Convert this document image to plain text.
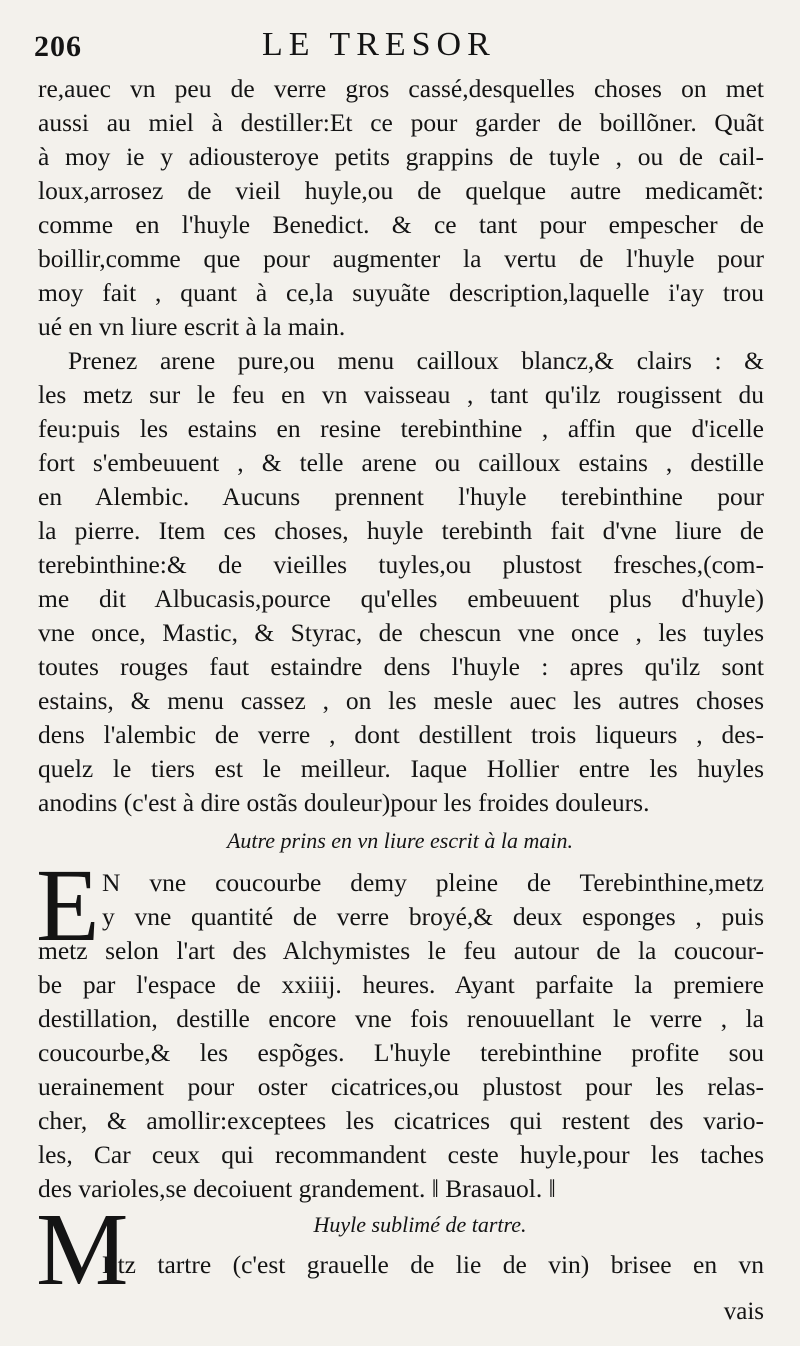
206	LE TRESOR
re,auec vn peu de verre gros cassé,desquelles choses on met
aussi au miel à destiller:Et ce pour garder de boillõner. Quãt
à moy ie y adiousteroye petits grappins de tuyle , ou de cail-
loux,arrosez de vieil huyle,ou de quelque autre medicamẽt:
comme en l'huyle Benedict. & ce tant pour empescher de
boillir,comme que pour augmenter la vertu de l'huyle pour
moy fait , quant à ce,la suyuãte description,laquelle i'ay trou
ué en vn liure escrit à la main.
Prenez arene pure,ou menu cailloux blancz,& clairs : &
les metz sur le feu en vn vaisseau , tant qu'ilz rougissent du
feu:puis les estains en resine terebinthine , affin que d'icelle
fort s'embeuuent , & telle arene ou cailloux estains , destille
en Alembic. Aucuns prennent l'huyle terebinthine pour
la pierre. Item ces choses, huyle terebinth fait d'vne liure de
terebinthine:& de vieilles tuyles,ou plustost fresches,(com-
me dit Albucasis,pource qu'elles embeuuent plus d'huyle)
vne once, Mastic, & Styrac, de chescun vne once , les tuyles
toutes rouges faut estaindre dens l'huyle : apres qu'ilz sont
estains, & menu cassez , on les mesle auec les autres choses
dens l'alembic de verre , dont destillent trois liqueurs , des-
quelz le tiers est le meilleur. Iaque Hollier entre les huyles
anodins (c'est à dire ostãs douleur)pour les froides douleurs.
Autre prins en vn liure escrit à la main.
E N vne coucourbe demy pleine de Terebinthine,metz
y vne quantité de verre broyé,& deux esponges , puis
metz selon l'art des Alchymistes le feu autour de la coucour-
be par l'espace de xxiiij. heures. Ayant parfaite la premiere
destillation, destille encore vne fois renouuellant le verre , la
coucourbe,& les espõges. L'huyle terebinthine profite sou
uerainement pour oster cicatrices,ou plustost pour les relas-
cher, & amollir:exceptees les cicatrices qui restent des vario-
les, Car ceux qui recommandent ceste huyle,pour les taches
des varioles,se decoiuent grandement. ‖ Brasauol. ‖
Huyle sublimé de tartre.
M
Etz tartre (c'est grauelle de lie de vin) brisee en vn
vais
